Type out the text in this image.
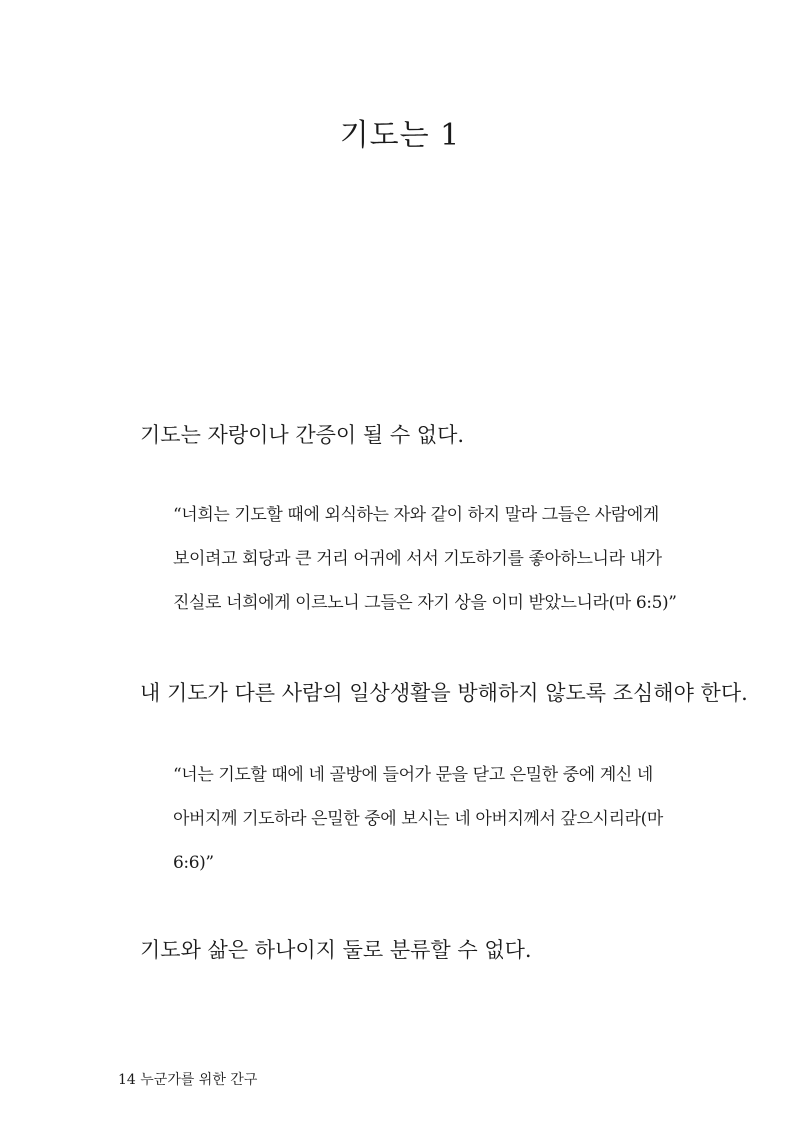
기도는 1

기도는 자랑이나 간증이 될 수 없다.

“너희는 기도할 때에 외식하는 자와 같이 하지 말라 그들은 사람에게
보이려고 회당과 큰 거리 어귀에 서서 기도하기를 좋아하느니라 내가
진실로 너희에게 이르노니 그들은 자기 상을 이미 받았느니라(마 6:5)”

내 기도가 다른 사람의 일상생활을 방해하지 않도록 조심해야 한다.

“너는 기도할 때에 네 골방에 들어가 문을 닫고 은밀한 중에 계신 네
아버지께 기도하라 은밀한 중에 보시는 네 아버지께서 갚으시리라(마
6:6)”

기도와 삶은 하나이지 둘로 분류할 수 없다.

14 누군가를 위한 간구
